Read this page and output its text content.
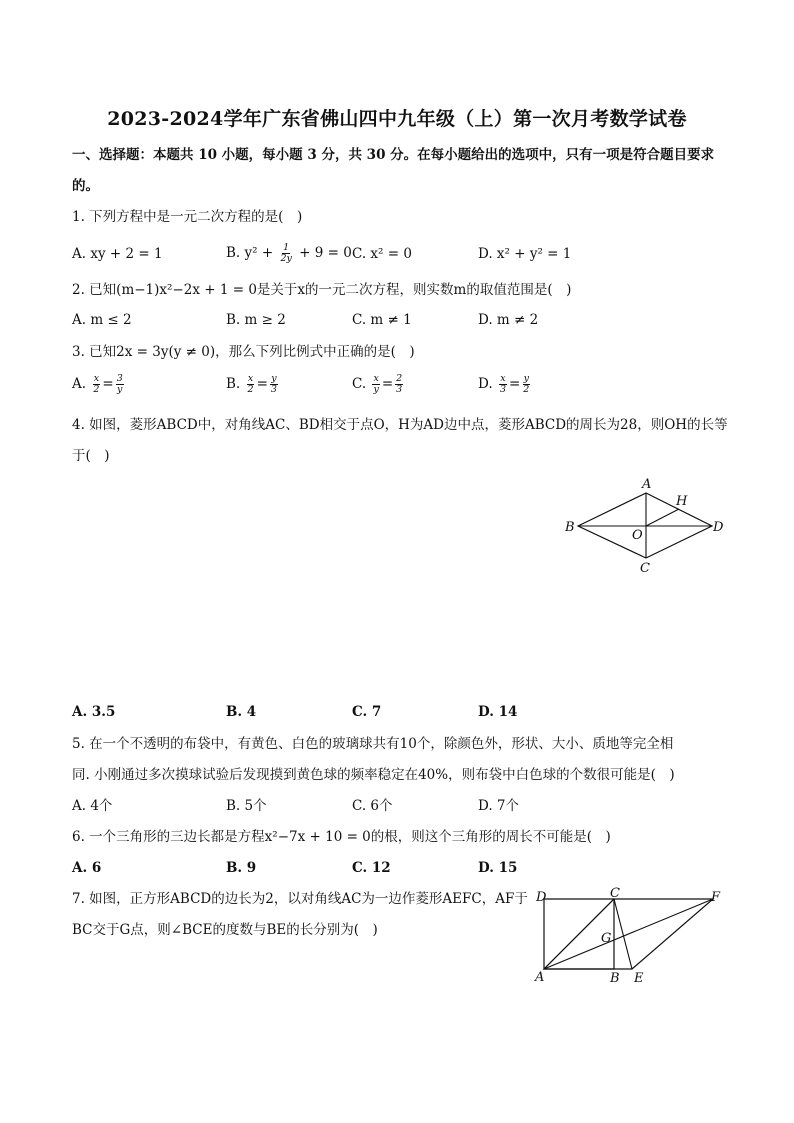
2023-2024学年广东省佛山四中九年级（上）第一次月考数学试卷
一、选择题：本题共 10 小题，每小题 3 分，共 30 分。在每小题给出的选项中，只有一项是符合题目要求
的。
1. 下列方程中是一元二次方程的是(　)
A. xy + 2 = 1	B. $y^2 + \frac{1}{2y} + 9 = 0$ C. x² = 0	D. x² + y² = 1
2. 已知(m−1)x²−2x + 1 = 0是关于x的一元二次方程，则实数m的取值范围是(　)
A. m ≤ 2	B. m ≥ 2	C. m ≠ 1	D. m ≠ 2
3. 已知2x = 3y(y ≠ 0)，那么下列比例式中正确的是(　)
A. $\frac{x}{2} = \frac{3}{y}$	B. $\frac{x}{2} = \frac{y}{3}$	C. $\frac{x}{y} = \frac{2}{3}$	D. $\frac{x}{3} = \frac{y}{2}$
4. 如图，菱形ABCD中，对角线AC、BD相交于点O，H为AD边中点，菱形ABCD的周长为28，则OH的长等
于(　)
A
B
C
D
O
H
A. 3.5	B. 4	C. 7	D. 14
5. 在一个不透明的布袋中，有黄色、白色的玻璃球共有10个，除颜色外，形状、大小、质地等完全相
同. 小刚通过多次摸球试验后发现摸到黄色球的频率稳定在40%，则布袋中白色球的个数很可能是(　)
A. 4个	B. 5个	C. 6个	D. 7个
6. 一个三角形的三边长都是方程x²−7x + 10 = 0的根，则这个三角形的周长不可能是(　)
A. 6	B. 9	C. 12	D. 15
7. 如图，正方形ABCD的边长为2，以对角线AC为一边作菱形AEFC，AF于
BC交于G点，则∠BCE的度数与BE的长分别为(　)
D	C	F
G
A	B E
